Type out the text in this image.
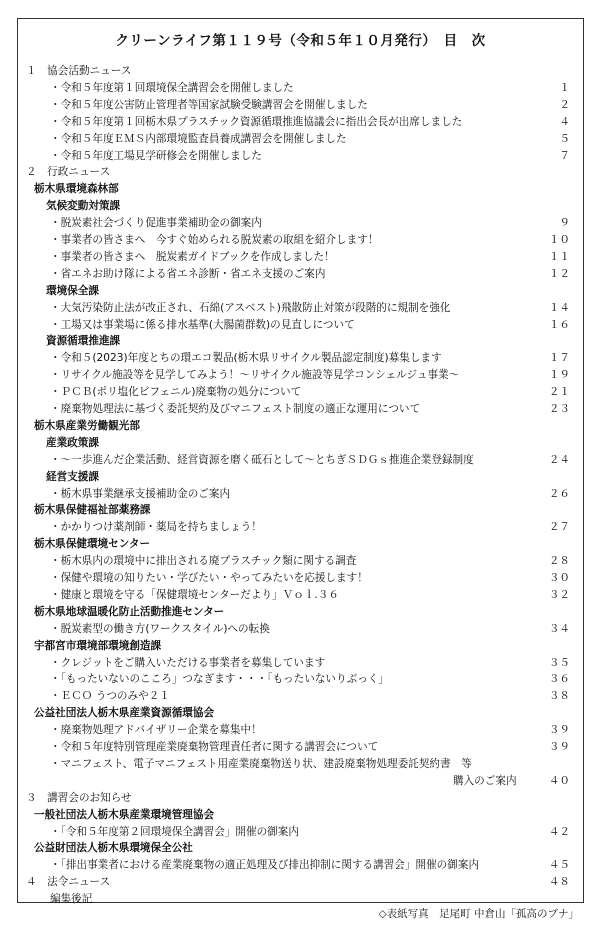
クリーンライフ第１１９号（令和５年１０月発行）　目　次
１　協会活動ニュース
・令和５年度第１回環境保全講習会を開催しました	１
・令和５年度公害防止管理者等国家試験受験講習会を開催しました	２
・令和５年度第１回栃木県プラスチック資源循環推進協議会に指出会長が出席しました	４
・令和５年度ＥＭＳ内部環境監査員養成講習会を開催しました	５
・令和５年度工場見学研修会を開催しました	７
２　行政ニュース
栃木県環境森林部
気候変動対策課
・脱炭素社会づくり促進事業補助金の御案内	９
・事業者の皆さまへ　今すぐ始められる脱炭素の取組を紹介します！	１０
・事業者の皆さまへ　脱炭素ガイドブックを作成しました！	１１
・省エネお助け隊による省エネ診断・省エネ支援のご案内	１２
環境保全課
・大気汚染防止法が改正され、石綿(アスベスト)飛散防止対策が段階的に規制を強化	１４
・工場又は事業場に係る排水基準(大腸菌群数)の見直しについて	１６
資源循環推進課
・令和５(2023)年度とちの環エコ製品(栃木県リサイクル製品認定制度)募集します	１７
・リサイクル施設等を見学してみよう！～リサイクル施設等見学コンシェルジュ事業～	１９
・ＰＣＢ(ポリ塩化ビフェニル)廃棄物の処分について	２１
・廃棄物処理法に基づく委託契約及びマニフェスト制度の適正な運用について	２３
栃木県産業労働観光部
産業政策課
・～一歩進んだ企業活動、経営資源を磨く砥石として～とちぎＳＤＧｓ推進企業登録制度	２４
経営支援課
・栃木県事業継承支援補助金のご案内	２６
栃木県保健福祉部薬務課
・かかりつけ薬剤師・薬局を持ちましょう！	２７
栃木県保健環境センター
・栃木県内の環境中に排出される廃プラスチック類に関する調査	２８
・保健や環境の知りたい・学びたい・やってみたいを応援します！	３０
・健康と環境を守る「保健環境センターだより」Ｖｏｌ.３６	３２
栃木県地球温暖化防止活動推進センター
・脱炭素型の働き方(ワークスタイル)への転換	３４
宇都宮市環境部環境創造課
・クレジットをご購入いただける事業者を募集しています	３５
・「もったいないのこころ」つなぎます・・・「もったいないりぶっく」	３６
・ＥＣＯ うつのみや２１	３８
公益社団法人栃木県産業資源循環協会
・廃棄物処理アドバイザリー企業を募集中！	３９
・令和５年度特別管理産業廃棄物管理責任者に関する講習会について	３９
・マニフェスト、電子マニフェスト用産業廃棄物送り状、建設廃棄物処理委託契約書　等
購入のご案内	４０
３　講習会のお知らせ
一般社団法人栃木県産業環境管理協会
・「令和５年度第２回環境保全講習会」開催の御案内	４２
公益財団法人栃木県環境保全公社
・「排出事業者における産業廃棄物の適正処理及び排出抑制に関する講習会」開催の御案内	４５
４　法令ニュース	４８
編集後記
◇表紙写真　足尾町 中倉山「孤高のブナ」
